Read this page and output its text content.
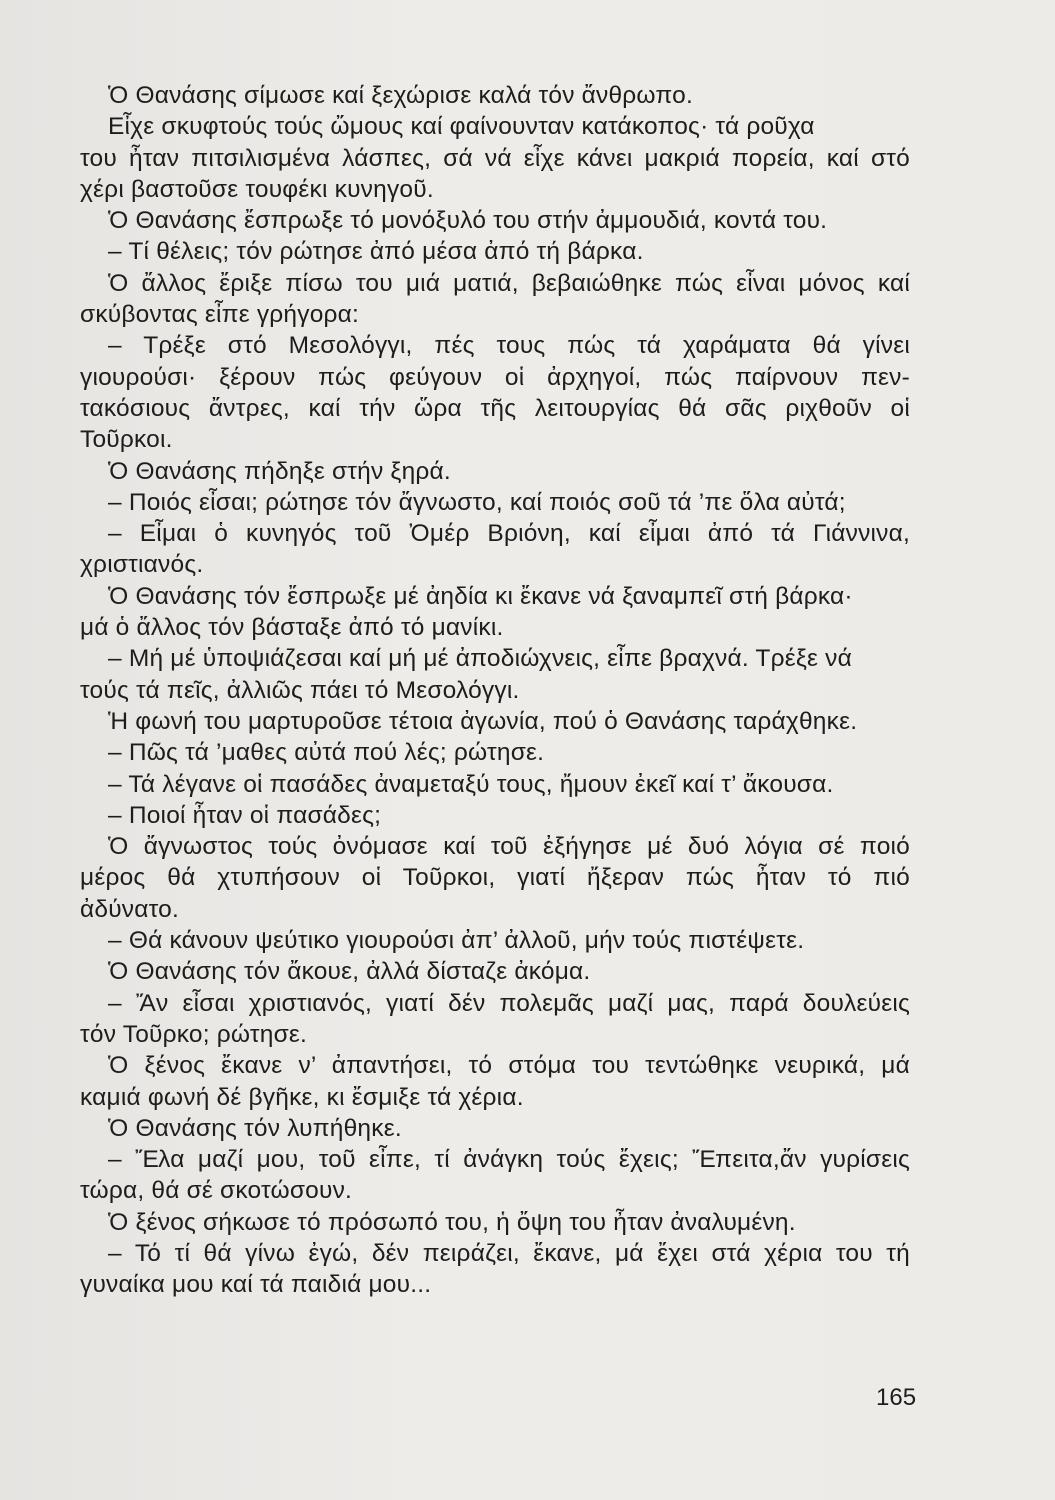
Ὁ Θανάσης σίμωσε καί ξεχώρισε καλά τόν ἄνθρωπο.
Εἶχε σκυφτούς τούς ὤμους καί φαίνουνταν κατάκοπος· τά ροῦχα
του ἦταν πιτσιλισμένα λάσπες, σά νά εἶχε κάνει μακριά πορεία, καί στό
χέρι βαστοῦσε τουφέκι κυνηγοῦ.
Ὁ Θανάσης ἔσπρωξε τό μονόξυλό του στήν ἀμμουδιά, κοντά του.
– Τί θέλεις; τόν ρώτησε ἀπό μέσα ἀπό τή βάρκα.
Ὁ ἄλλος ἔριξε πίσω του μιά ματιά, βεβαιώθηκε πώς εἶναι μόνος καί
σκύβοντας εἶπε γρήγορα:
– Τρέξε στό Μεσολόγγι, πές τους πώς τά χαράματα θά γίνει
γιουρούσι· ξέρουν πώς φεύγουν οἱ ἀρχηγοί, πώς παίρνουν πεν-
τακόσιους ἄντρες, καί τήν ὥρα τῆς λειτουργίας θά σᾶς ριχθοῦν οἱ
Τοῦρκοι.
Ὁ Θανάσης πήδηξε στήν ξηρά.
– Ποιός εἶσαι; ρώτησε τόν ἄγνωστο, καί ποιός σοῦ τά ’πε ὅλα αὐτά;
– Εἶμαι ὁ κυνηγός τοῦ Ὀμέρ Βριόνη, καί εἶμαι ἀπό τά Γιάννινα,
χριστιανός.
Ὁ Θανάσης τόν ἔσπρωξε μέ ἀηδία κι ἔκανε νά ξαναμπεῖ στή βάρκα·
μά ὁ ἄλλος τόν βάσταξε ἀπό τό μανίκι.
– Μή μέ ὑποψιάζεσαι καί μή μέ ἀποδιώχνεις, εἶπε βραχνά. Τρέξε νά
τούς τά πεῖς, ἀλλιῶς πάει τό Μεσολόγγι.
Ἡ φωνή του μαρτυροῦσε τέτοια ἀγωνία, πού ὁ Θανάσης ταράχθηκε.
– Πῶς τά ’μαθες αὐτά πού λές; ρώτησε.
– Τά λέγανε οἱ πασάδες ἀναμεταξύ τους, ἤμουν ἐκεῖ καί τ’ ἄκουσα.
– Ποιοί ἦταν οἱ πασάδες;
Ὁ ἄγνωστος τούς ὀνόμασε καί τοῦ ἐξήγησε μέ δυό λόγια σέ ποιό
μέρος θά χτυπήσουν οἱ Τοῦρκοι, γιατί ἤξεραν πώς ἦταν τό πιό
ἀδύνατο.
– Θά κάνουν ψεύτικο γιουρούσι ἀπ’ ἀλλοῦ, μήν τούς πιστέψετε.
Ὁ Θανάσης τόν ἄκουε, ἀλλά δίσταζε ἀκόμα.
– Ἄν εἶσαι χριστιανός, γιατί δέν πολεμᾶς μαζί μας, παρά δουλεύεις
τόν Τοῦρκο; ρώτησε.
Ὁ ξένος ἔκανε ν’ ἀπαντήσει, τό στόμα του τεντώθηκε νευρικά, μά
καμιά φωνή δέ βγῆκε, κι ἔσμιξε τά χέρια.
Ὁ Θανάσης τόν λυπήθηκε.
– Ἔλα μαζί μου, τοῦ εἶπε, τί ἀνάγκη τούς ἔχεις; Ἔπειτα,ἄν γυρίσεις
τώρα, θά σέ σκοτώσουν.
Ὁ ξένος σήκωσε τό πρόσωπό του, ἡ ὄψη του ἦταν ἀναλυμένη.
– Τό τί θά γίνω ἐγώ, δέν πειράζει, ἔκανε, μά ἔχει στά χέρια του τή
γυναίκα μου καί τά παιδιά μου...
165
